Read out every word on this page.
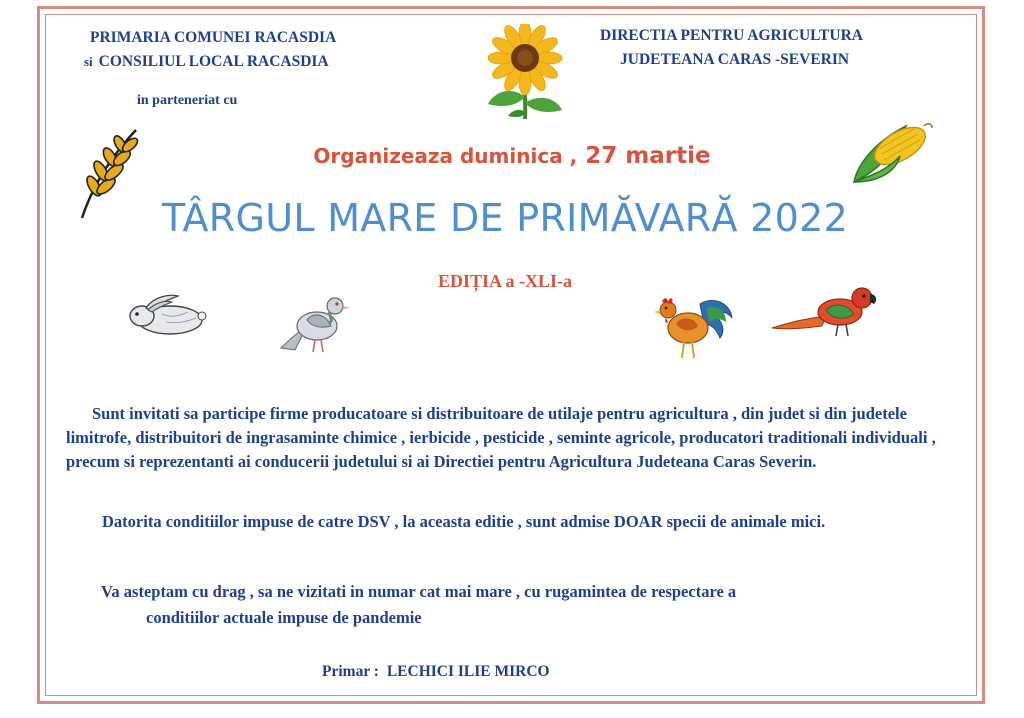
PRIMARIA COMUNEI RACASDIA
si CONSILIUL LOCAL RACASDIA
in parteneriat cu
DIRECTIA PENTRU AGRICULTURA
JUDETEANA CARAS -SEVERIN
Organizeaza duminica , 27 martie
TÂRGUL MARE DE PRIMĂVARĂ 2022
EDIȚIA a -XLI-a
Sunt invitati sa participe firme producatoare si distribuitoare de utilaje pentru agricultura , din judet si din judetele limitrofe, distribuitori de ingrasaminte chimice , ierbicide , pesticide , seminte agricole, producatori traditionali individuali , precum si reprezentanti ai conducerii judetului si ai Directiei pentru Agricultura Judeteana Caras Severin.
Datorita conditiilor impuse de catre DSV , la aceasta editie , sunt admise DOAR specii de animale mici.
Va asteptam cu drag , sa ne vizitati in numar cat mai mare , cu rugamintea de respectare a
conditiilor actuale impuse de pandemie
Primar : LECHICI ILIE MIRCO
